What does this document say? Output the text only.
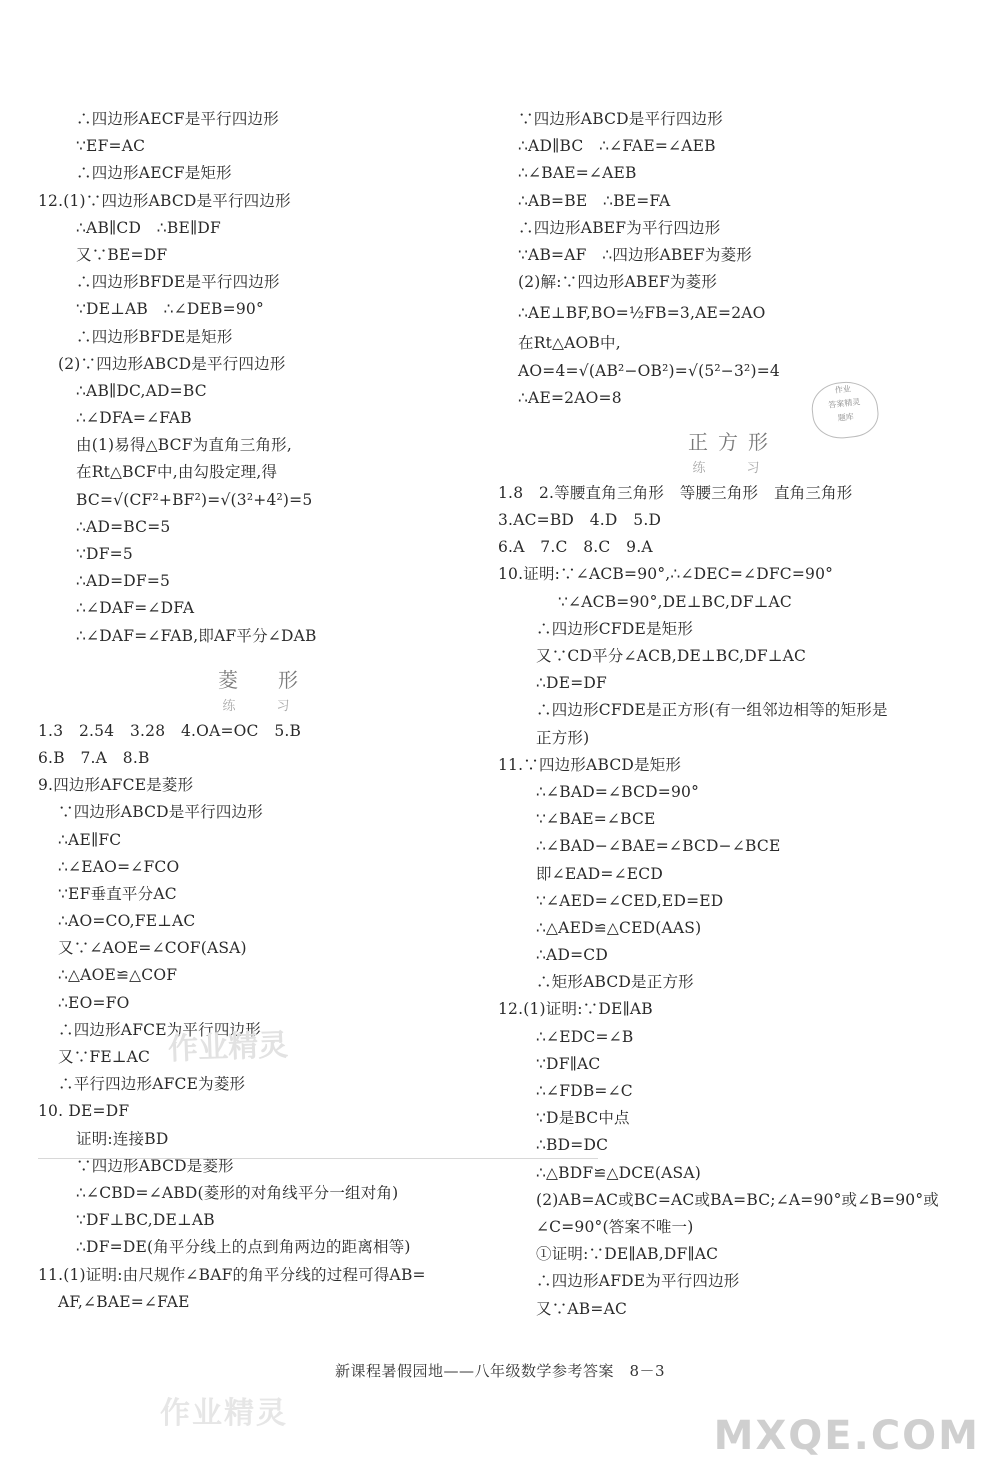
∴四边形AECF是平行四边形
∵EF=AC
∴四边形AECF是矩形
12.(1)∵四边形ABCD是平行四边形
∴AB∥CD　∴BE∥DF
又∵BE=DF
∴四边形BFDE是平行四边形
∵DE⊥AB　∴∠DEB=90°
∴四边形BFDE是矩形
(2)∵四边形ABCD是平行四边形
∴AB∥DC,AD=BC
∴∠DFA=∠FAB
由(1)易得△BCF为直角三角形,
在Rt△BCF中,由勾股定理,得
BC=√(CF²+BF²)=√(3²+4²)=5
∴AD=BC=5
∵DF=5
∴AD=DF=5
∴∠DAF=∠DFA
∴∠DAF=∠FAB,即AF平分∠DAB
菱　形
练　习
1.3　2.54　3.28　4.OA=OC　5.B
6.B　7.A　8.B
9.四边形AFCE是菱形
∵四边形ABCD是平行四边形
∴AE∥FC
∴∠EAO=∠FCO
∵EF垂直平分AC
∴AO=CO,FE⊥AC
又∵∠AOE=∠COF(ASA)
∴△AOE≌△COF
∴EO=FO
∴四边形AFCE为平行四边形
又∵FE⊥AC
∴平行四边形AFCE为菱形
10. DE=DF
证明:连接BD
∵四边形ABCD是菱形
∴∠CBD=∠ABD(菱形的对角线平分一组对角)
∵DF⊥BC,DE⊥AB
∴DF=DE(角平分线上的点到角两边的距离相等)
11.(1)证明:由尺规作∠BAF的角平分线的过程可得AB=
AF,∠BAE=∠FAE
∵四边形ABCD是平行四边形
∴AD∥BC　∴∠FAE=∠AEB
∴∠BAE=∠AEB
∴AB=BE　∴BE=FA
∴四边形ABEF为平行四边形
∵AB=AF　∴四边形ABEF为菱形
(2)解:∵四边形ABEF为菱形
∴AE⊥BF,BO=½FB=3,AE=2AO
在Rt△AOB中,
AO=4=√(AB²−OB²)=√(5²−3²)=4
∴AE=2AO=8
正方形
练　习
1.8　2.等腰直角三角形　等腰三角形　直角三角形
3.AC=BD　4.D　5.D
6.A　7.C　8.C　9.A
10.证明:∵∠ACB=90°,∴∠DEC=∠DFC=90°
∵∠ACB=90°,DE⊥BC,DF⊥AC
∴四边形CFDE是矩形
又∵CD平分∠ACB,DE⊥BC,DF⊥AC
∴DE=DF
∴四边形CFDE是正方形(有一组邻边相等的矩形是
正方形)
11.∵四边形ABCD是矩形
∴∠BAD=∠BCD=90°
∵∠BAE=∠BCE
∴∠BAD−∠BAE=∠BCD−∠BCE
即∠EAD=∠ECD
∵∠AED=∠CED,ED=ED
∴△AED≌△CED(AAS)
∴AD=CD
∴矩形ABCD是正方形
12.(1)证明:∵DE∥AB
∴∠EDC=∠B
∵DF∥AC
∴∠FDB=∠C
∵D是BC中点
∴BD=DC
∴△BDF≌△DCE(ASA)
(2)AB=AC或BC=AC或BA=BC;∠A=90°或∠B=90°或
∠C=90°(答案不唯一)
①证明:∵DE∥AB,DF∥AC
∴四边形AFDE为平行四边形
又∵AB=AC
新课程暑假园地——八年级数学参考答案　8－3
作业精灵
作业精灵	MXQE.COM
作业
答案精灵
题库
